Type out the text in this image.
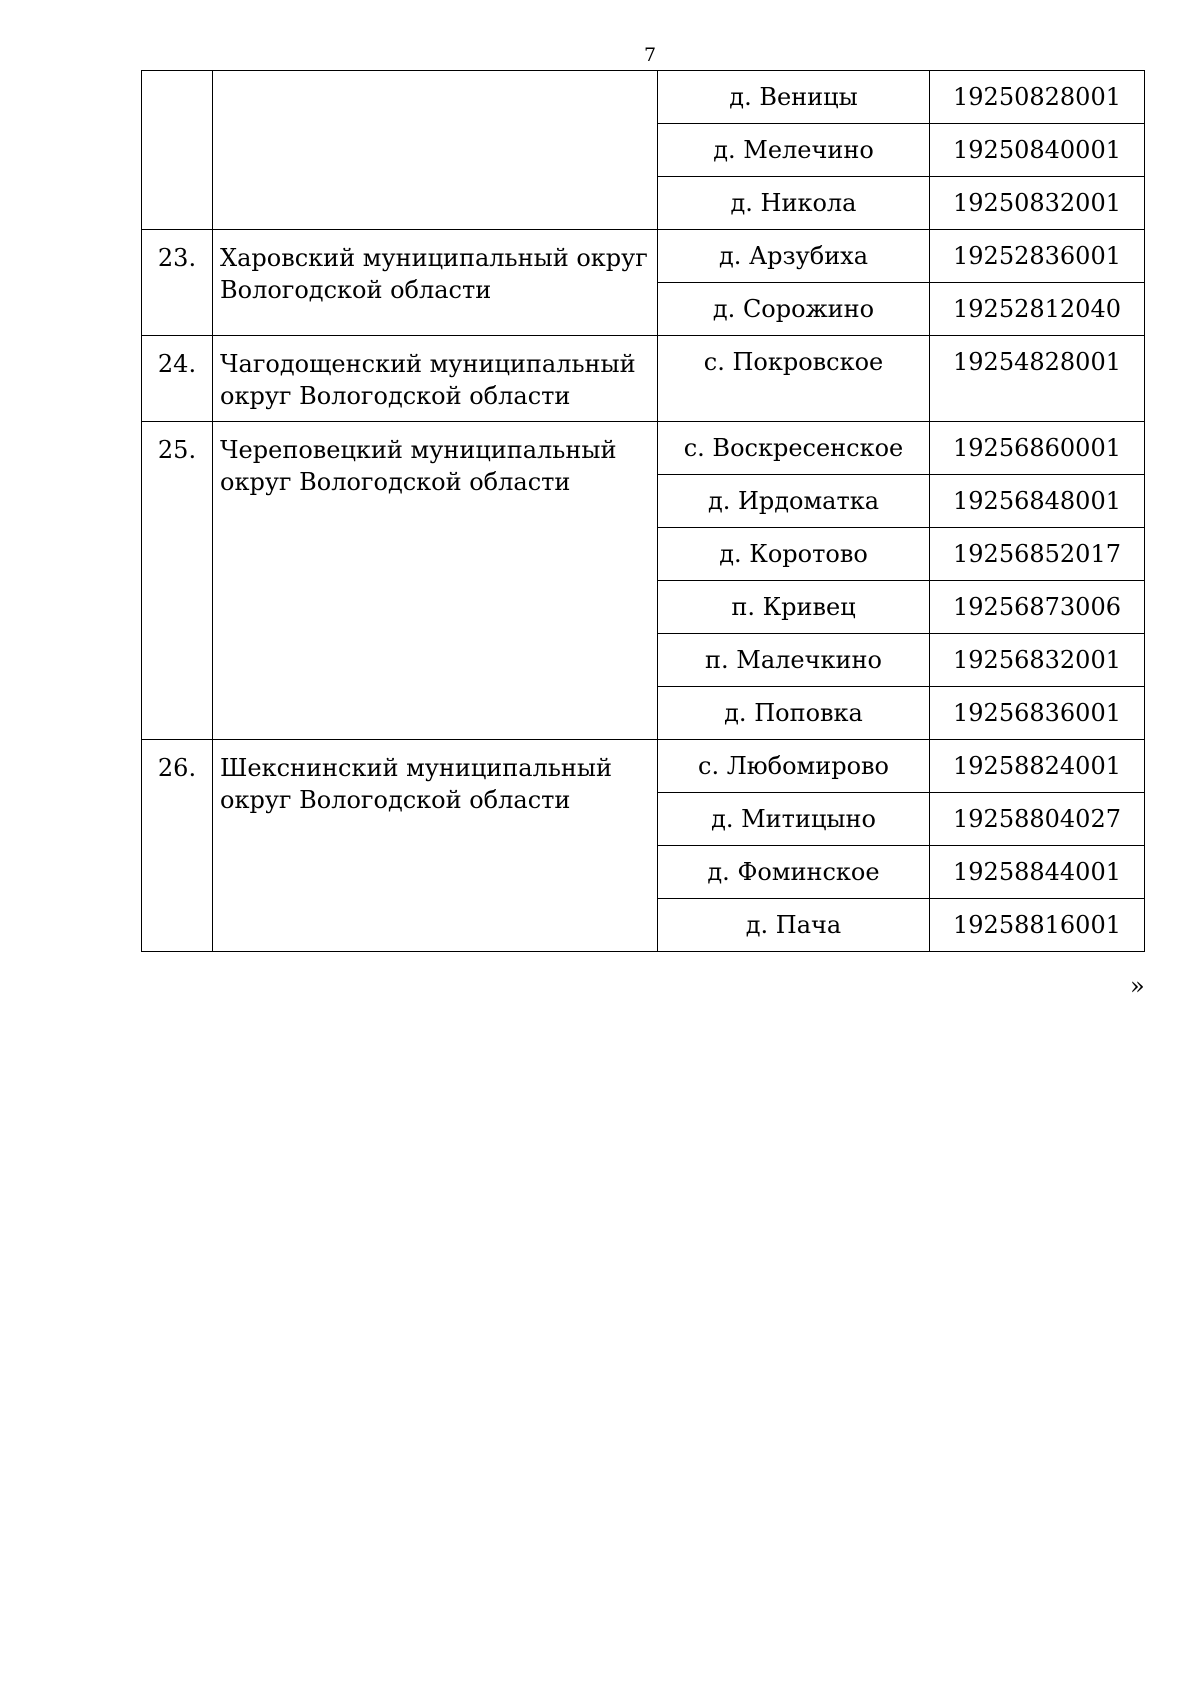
7
		д. Веницы	19250828001
		д. Мелечино	19250840001
		д. Никола	19250832001
23.	Харовский муниципальный округ Вологодской области	д. Арзубиха	19252836001
		д. Сорожино	19252812040
24.	Чагодощенский муниципальный округ Вологодской области	с. Покровское	19254828001
25.	Череповецкий муниципальный округ Вологодской области	с. Воскресенское	19256860001
		д. Ирдоматка	19256848001
		д. Коротово	19256852017
		п. Кривец	19256873006
		п. Малечкино	19256832001
		д. Поповка	19256836001
26.	Шекснинский муниципальный округ Вологодской области	с. Любомирово	19258824001
		д. Митицыно	19258804027
		д. Фоминское	19258844001
		д. Пача	19258816001
»
